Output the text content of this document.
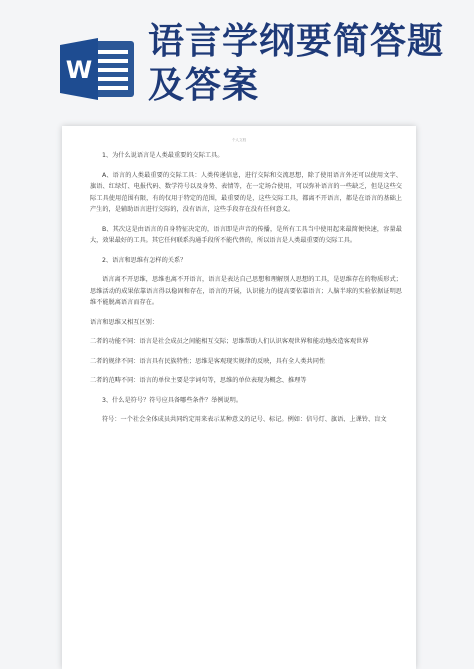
W
语言学纲要简答题及答案
个人文档

1、为什么说语言是人类最重要的交际工具。

A、语言的人类最重要的交际工具：人类传递信息，进行交际和交流思想，除了使用语言外还可以使用文字、旗语、红绿灯、电报代码、数学符号以及身势、表情等，在一定场合使用，可以弥补语言的一些缺乏，但是这些交际工具使用范围有限，有的仅用于特定的范围，最重要的是，这些交际工具，都离不开语言，都是在语言的基础上产生的，是辅助语言进行交际的，没有语言，这些手段存在没有任何意义。

B、其次这是由语言的自身特征决定的，语言即是声音的传播，是所有工具当中使用起来最简便快速，容量最大，效果最好的工具。其它任何联系沟通手段所不能代替的，所以语言是人类最重要的交际工具。

2、语言和思维有怎样的关系？

语言离不开思维，思维也离不开语言，语言是表达自己思想和理解别人思想的工具，是思维存在的物质形式；思维活动的成果依靠语言得以稳固和存在，语言的开展，认识能力的提高要依靠语言；人脑半球的实验依据证明思维不能脱离语言而存在。

语言和思维又相互区别：

二者的功能不同：语言是社会成员之间能相互交际；思维帮助人们认识客观世界和能动地改造客观世界

二者的规律不同：语言具有民族特性；思维是客观现实规律的反映，具有全人类共同性

二者的范畴不同：语言的单位主要是字词句等，思维的单位表现为概念、推理等

3、什么是符号？符号应具备哪些条件？举例说明。

符号：一个社会全体成员共同约定用来表示某种意义的记号、标记。例如：信号灯、旗语、上课铃、盲文
